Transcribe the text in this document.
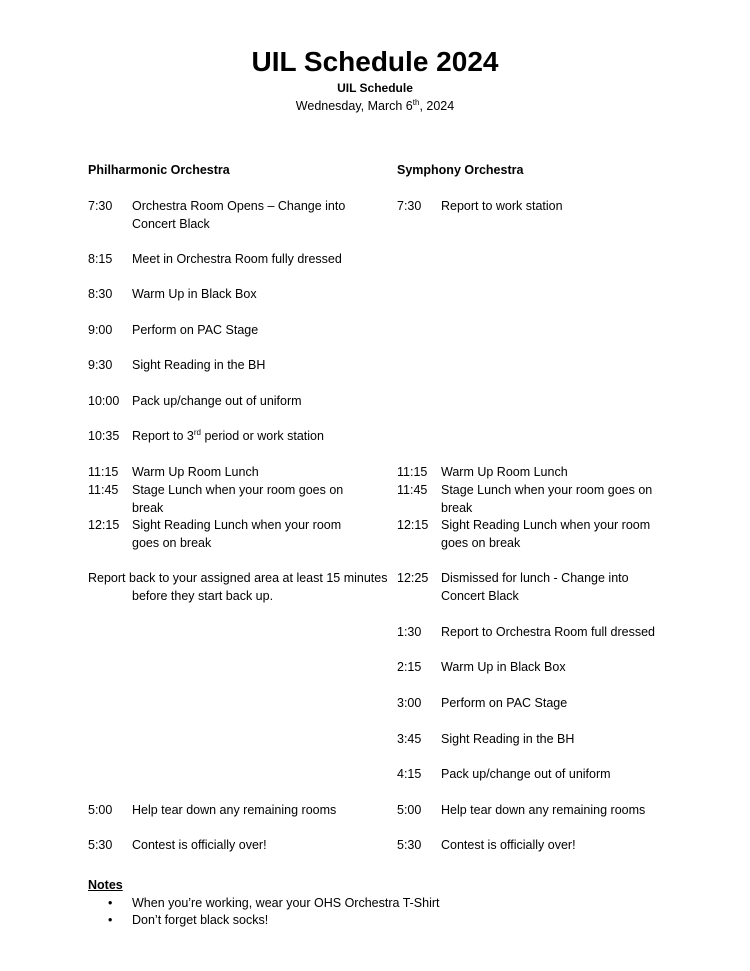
UIL Schedule 2024
UIL Schedule
Wednesday, March 6th, 2024
Philharmonic Orchestra
7:30 Orchestra Room Opens – Change into Concert Black
8:15 Meet in Orchestra Room fully dressed
8:30 Warm Up in Black Box
9:00 Perform on PAC Stage
9:30 Sight Reading in the BH
10:00 Pack up/change out of uniform
10:35 Report to 3rd period or work station
11:15 Warm Up Room Lunch
11:45 Stage Lunch when your room goes on break
12:15 Sight Reading Lunch when your room goes on break
Report back to your assigned area at least 15 minutes before they start back up.
5:00 Help tear down any remaining rooms
5:30 Contest is officially over!
Symphony Orchestra
7:30 Report to work station
11:15 Warm Up Room Lunch
11:45 Stage Lunch when your room goes on break
12:15 Sight Reading Lunch when your room goes on break
12:25 Dismissed for lunch - Change into Concert Black
1:30 Report to Orchestra Room full dressed
2:15 Warm Up in Black Box
3:00 Perform on PAC Stage
3:45 Sight Reading in the BH
4:15 Pack up/change out of uniform
5:00 Help tear down any remaining rooms
5:30 Contest is officially over!
Notes
• When you’re working, wear your OHS Orchestra T-Shirt
• Don’t forget black socks!
